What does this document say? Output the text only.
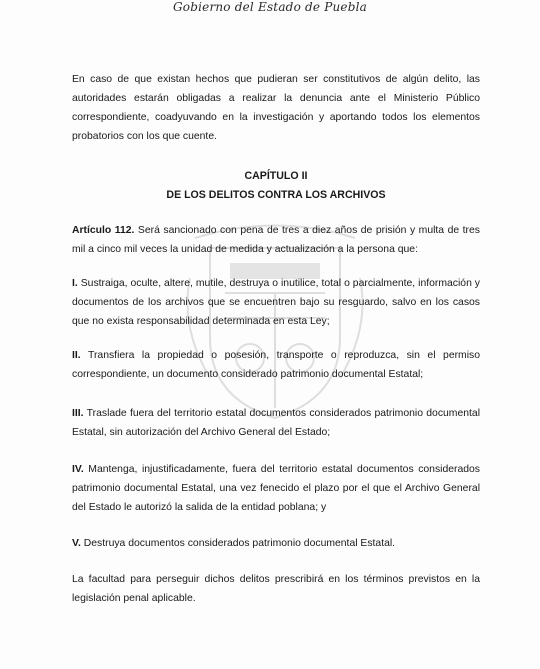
Gobierno del Estado de Puebla

En caso de que existan hechos que pudieran ser constitutivos de algún delito, las autoridades estarán obligadas a realizar la denuncia ante el Ministerio Público correspondiente, coadyuvando en la investigación y aportando todos los elementos probatorios con los que cuente.

CAPÍTULO II
DE LOS DELITOS CONTRA LOS ARCHIVOS

Artículo 112. Será sancionado con pena de tres a diez años de prisión y multa de tres mil a cinco mil veces la unidad de medida y actualización a la persona que:

I. Sustraiga, oculte, altere, mutile, destruya o inutilice, total o parcialmente, información y documentos de los archivos que se encuentren bajo su resguardo, salvo en los casos que no exista responsabilidad determinada en esta Ley;

II. Transfiera la propiedad o posesión, transporte o reproduzca, sin el permiso correspondiente, un documento considerado patrimonio documental Estatal;

III. Traslade fuera del territorio estatal documentos considerados patrimonio documental Estatal, sin autorización del Archivo General del Estado;

IV. Mantenga, injustificadamente, fuera del territorio estatal documentos considerados patrimonio documental Estatal, una vez fenecido el plazo por el que el Archivo General del Estado le autorizó la salida de la entidad poblana; y

V. Destruya documentos considerados patrimonio documental Estatal.

La facultad para perseguir dichos delitos prescribirá en los términos previstos en la legislación penal aplicable.
